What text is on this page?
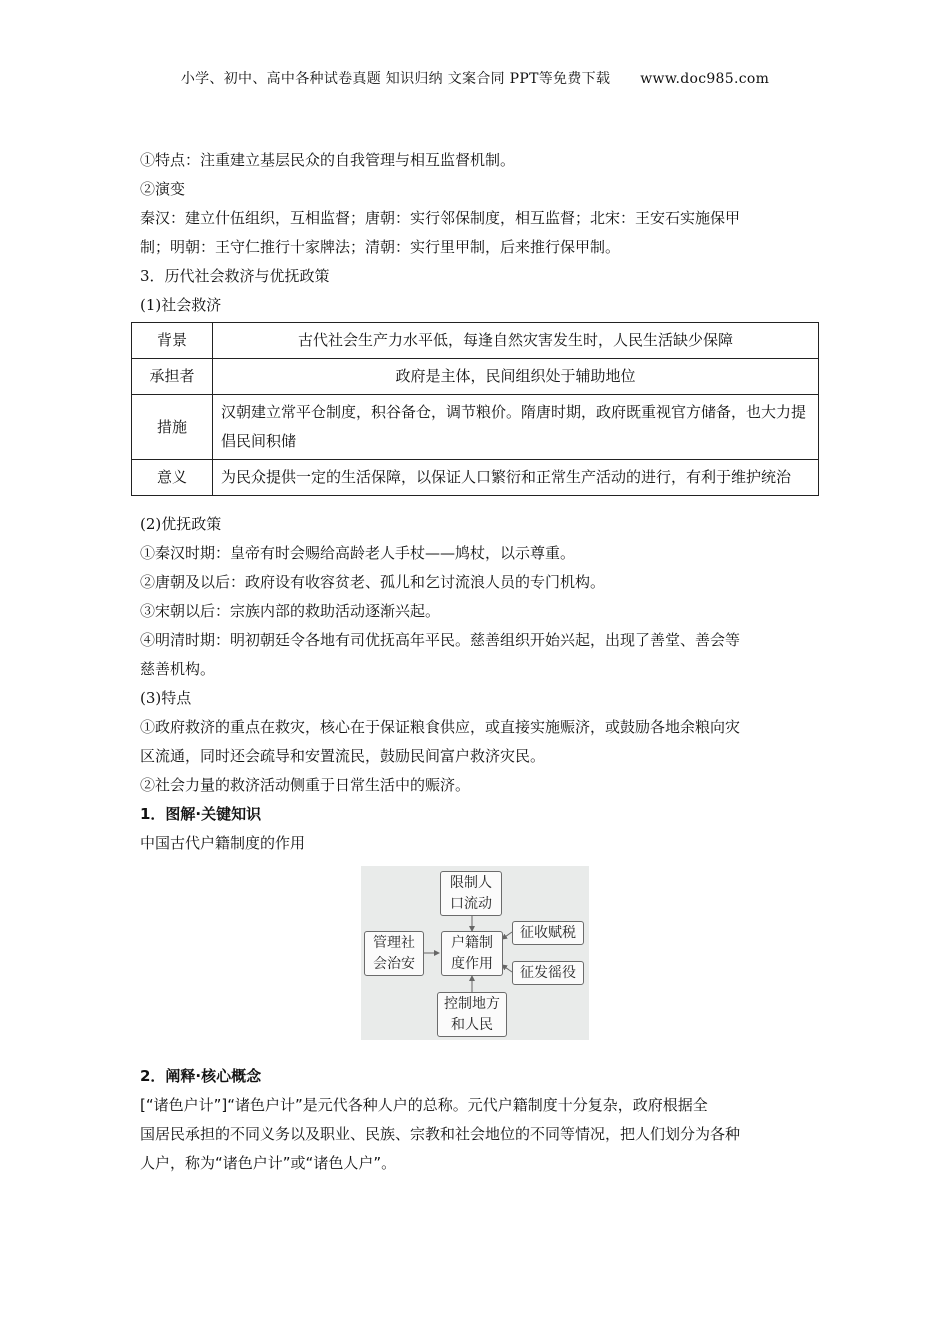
小学、初中、高中各种试卷真题 知识归纳 文案合同 PPT等免费下载 www.doc985.com
①特点：注重建立基层民众的自我管理与相互监督机制。
②演变
秦汉：建立什伍组织，互相监督；唐朝：实行邻保制度，相互监督；北宋：王安石实施保甲
制；明朝：王守仁推行十家牌法；清朝：实行里甲制，后来推行保甲制。
3．历代社会救济与优抚政策
(1)社会救济
背景	古代社会生产力水平低，每逢自然灾害发生时，人民生活缺少保障
承担者	政府是主体，民间组织处于辅助地位
措施	汉朝建立常平仓制度，积谷备仓，调节粮价。隋唐时期，政府既重视官方储备，也大力提倡民间积储
意义	为民众提供一定的生活保障，以保证人口繁衍和正常生产活动的进行，有利于维护统治
(2)优抚政策
①秦汉时期：皇帝有时会赐给高龄老人手杖——鸠杖，以示尊重。
②唐朝及以后：政府设有收容贫老、孤儿和乞讨流浪人员的专门机构。
③宋朝以后：宗族内部的救助活动逐渐兴起。
④明清时期：明初朝廷令各地有司优抚高年平民。慈善组织开始兴起，出现了善堂、善会等
慈善机构。
(3)特点
①政府救济的重点在救灾，核心在于保证粮食供应，或直接实施赈济，或鼓励各地余粮向灾
区流通，同时还会疏导和安置流民，鼓励民间富户救济灾民。
②社会力量的救济活动侧重于日常生活中的赈济。
1．图解·关键知识
中国古代户籍制度的作用
限制人
口流动
户籍制
度作用
管理社
会治安
控制地方
和人民
征收赋税
征发徭役
2．阐释·核心概念
[“诸色户计”]“诸色户计”是元代各种人户的总称。元代户籍制度十分复杂，政府根据全
国居民承担的不同义务以及职业、民族、宗教和社会地位的不同等情况，把人们划分为各种
人户，称为“诸色户计”或“诸色人户”。
